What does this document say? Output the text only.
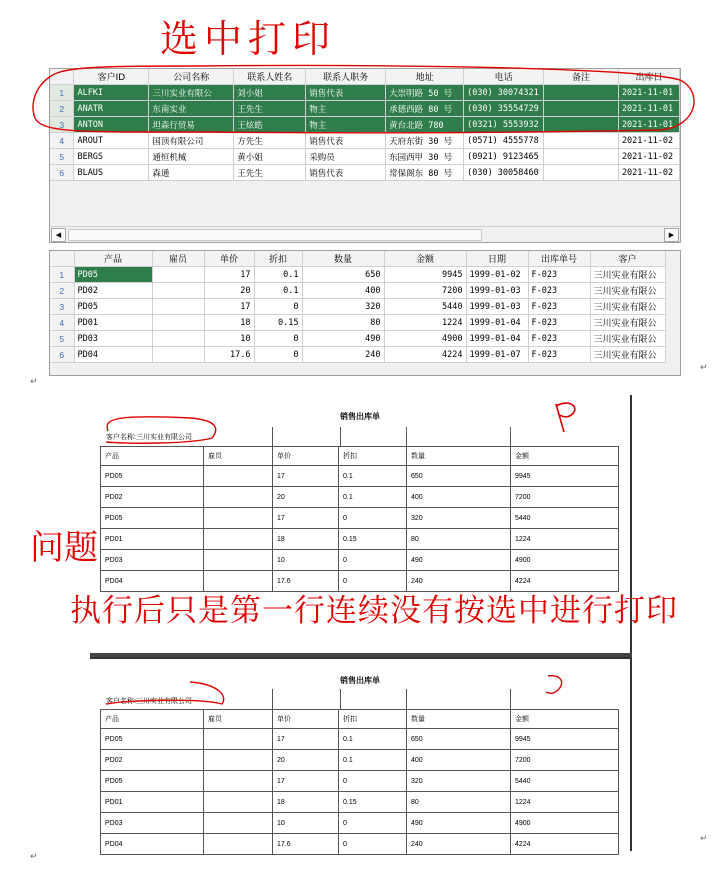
选中打印
	客户ID	公司名称	联系人姓名	联系人职务	地址	电话	备注	出库日
1	ALFKI	三川实业有限公	刘小姐	销售代表	大崇明路 50 号	(030) 30074321		2021-11-01
2	ANATR	东南实业	王先生	物主	承德西路 80 号	(030) 35554729		2021-11-01
3	ANTON	坦森行贸易	王炫皓	物主	黄台北路 780	(0321) 5553932		2021-11-01
4	AROUT	国顶有限公司	方先生	销售代表	天府东街 30 号	(0571) 4555778		2021-11-02
5	BERGS	通恒机械	黄小姐	采购员	东园西甲 30 号	(0921) 9123465		2021-11-02
6	BLAUS	森通	王先生	销售代表	常保阁东 80 号	(030) 30058460		2021-11-02
◀	▶
	产品	雇员	单价	折扣	数量	金额	日期	出库单号	客户
1	PD05		17	0.1	650	9945	1999-01-02	F-023	三川实业有限公
2	PD02		20	0.1	400	7200	1999-01-03	F-023	三川实业有限公
3	PD05		17	0	320	5440	1999-01-03	F-023	三川实业有限公
4	PD01		18	0.15	80	1224	1999-01-04	F-023	三川实业有限公
5	PD03		10	0	490	4900	1999-01-04	F-023	三川实业有限公
6	PD04		17.6	0	240	4224	1999-01-07	F-023	三川实业有限公
↵
↵
销售出库单
客户名称:三川实业有限公司
产品	雇员	单价	折扣	数量	金额
PD05		17	0.1	650	9945
PD02		20	0.1	400	7200
PD05		17	0	320	5440
PD01		18	0.15	80	1224
PD03		10	0	490	4900
PD04		17.6	0	240	4224
问题
执行后只是第一行连续没有按选中进行打印
销售出库单
客户名称:三川实业有限公司
产品	雇员	单价	折扣	数量	金额
PD05		17	0.1	650	9945
PD02		20	0.1	400	7200
PD05		17	0	320	5440
PD01		18	0.15	80	1224
PD03		10	0	490	4900
PD04		17.6	0	240	4224
↵
↵
